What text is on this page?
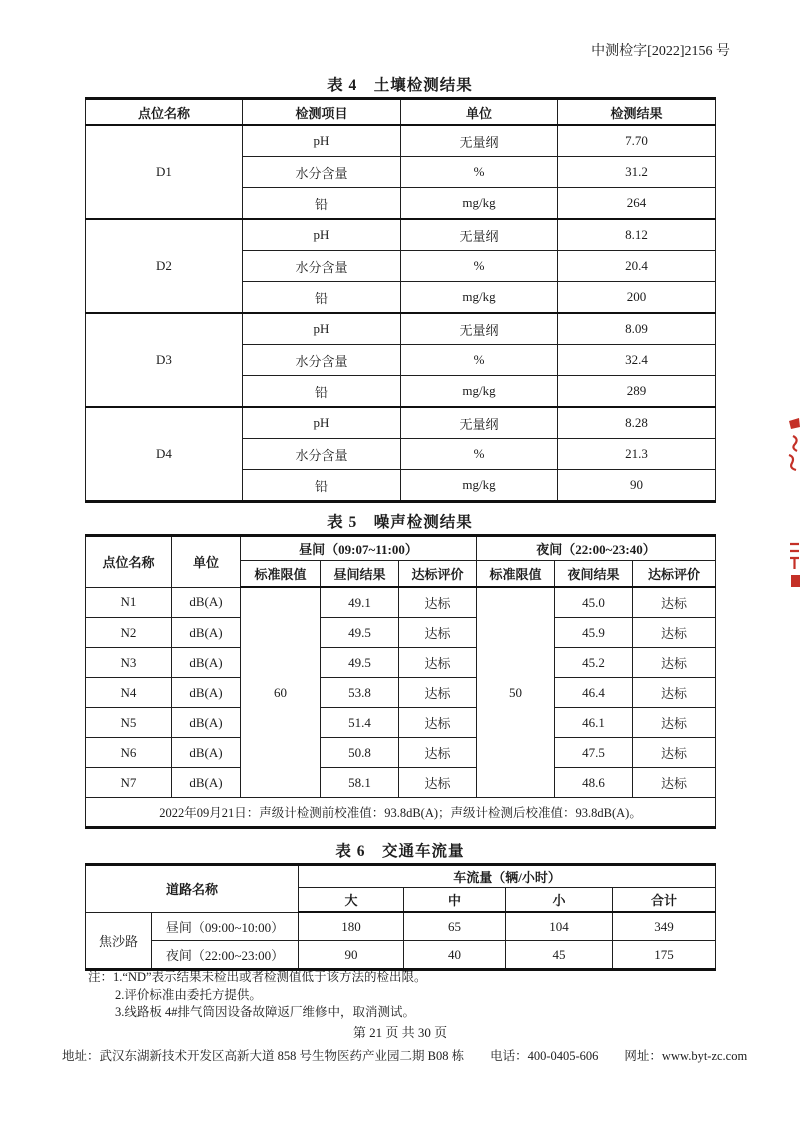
中测检字[2022]2156 号
表 4　土壤检测结果
点位名称	检测项目	单位	检测结果
D1	pH	无量纲	7.70
	水分含量	%	31.2
	铅	mg/kg	264
D2	pH	无量纲	8.12
	水分含量	%	20.4
	铅	mg/kg	200
D3	pH	无量纲	8.09
	水分含量	%	32.4
	铅	mg/kg	289
D4	pH	无量纲	8.28
	水分含量	%	21.3
	铅	mg/kg	90
表 5　噪声检测结果
点位名称	单位	昼间（09:07~11:00）			夜间（22:00~23:40）		
		标准限值	昼间结果	达标评价	标准限值	夜间结果	达标评价
N1	dB(A)	60	49.1	达标	50	45.0	达标
N2	dB(A)		49.5	达标		45.9	达标
N3	dB(A)		49.5	达标		45.2	达标
N4	dB(A)		53.8	达标		46.4	达标
N5	dB(A)		51.4	达标		46.1	达标
N6	dB(A)		50.8	达标		47.5	达标
N7	dB(A)		58.1	达标		48.6	达标
2022年09月21日：声级计检测前校准值：93.8dB(A)；声级计检测后校准值：93.8dB(A)。							
表 6　交通车流量
道路名称		车流量（辆/小时）			
		大	中	小	合计
焦沙路	昼间（09:00~10:00）	180	65	104	349
	夜间（22:00~23:00）	90	40	45	175
注：1.“ND”表示结果未检出或者检测值低于该方法的检出限。
2.评价标准由委托方提供。
3.线路板 4#排气筒因设备故障返厂维修中，取消测试。
第 21 页 共 30 页
地址：武汉东湖新技术开发区高新大道 858 号生物医药产业园二期 B08 栋 电话：400-0405-606 网址：www.byt-zc.com
